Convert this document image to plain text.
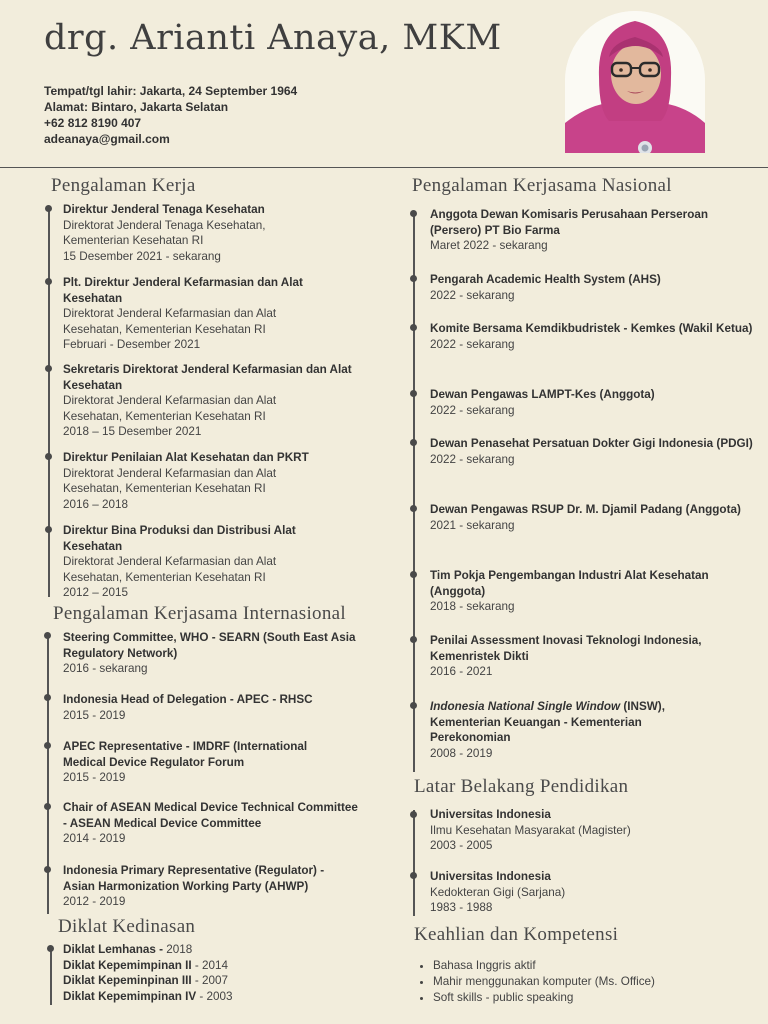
drg. Arianti Anaya, MKM
Tempat/tgl lahir: Jakarta, 24 September 1964
Alamat: Bintaro, Jakarta Selatan
+62 812 8190 407
adeanaya@gmail.com
Pengalaman Kerja
Direktur Jenderal Tenaga Kesehatan
Direktorat Jenderal Tenaga Kesehatan,
Kementerian Kesehatan RI
15 Desember 2021 - sekarang
Plt. Direktur Jenderal Kefarmasian dan Alat Kesehatan
Direktorat Jenderal Kefarmasian dan Alat
Kesehatan, Kementerian Kesehatan RI
Februari - Desember 2021
Sekretaris Direktorat Jenderal Kefarmasian dan Alat Kesehatan
Direktorat Jenderal Kefarmasian dan Alat
Kesehatan, Kementerian Kesehatan RI
2018 – 15 Desember 2021
Direktur Penilaian Alat Kesehatan dan PKRT
Direktorat Jenderal Kefarmasian dan Alat
Kesehatan, Kementerian Kesehatan RI
2016 – 2018
Direktur Bina Produksi dan Distribusi Alat Kesehatan
Direktorat Jenderal Kefarmasian dan Alat
Kesehatan, Kementerian Kesehatan RI
2012 – 2015
Pengalaman Kerjasama Internasional
Steering Committee, WHO - SEARN (South East Asia Regulatory Network)
2016 - sekarang
Indonesia Head of Delegation - APEC - RHSC
2015 - 2019
APEC Representative - IMDRF (International Medical Device Regulator Forum
2015 - 2019
Chair of ASEAN Medical Device Technical Committee - ASEAN Medical Device Committee
2014 - 2019
Indonesia Primary Representative (Regulator) - Asian Harmonization Working Party (AHWP)
2012 - 2019
Diklat Kedinasan
Diklat Lemhanas - 2018
Diklat Kepemimpinan II - 2014
Diklat Kepeminpinan III - 2007
Diklat Kepemimpinan IV - 2003
Pengalaman Kerjasama Nasional
Anggota Dewan Komisaris Perusahaan Perseroan (Persero) PT Bio Farma
Maret 2022 - sekarang
Pengarah Academic Health System (AHS)
2022 - sekarang
Komite Bersama Kemdikbudristek - Kemkes (Wakil Ketua)
2022 - sekarang
Dewan Pengawas LAMPT-Kes (Anggota)
2022 - sekarang
Dewan Penasehat Persatuan Dokter Gigi Indonesia (PDGI)
2022 - sekarang
Dewan Pengawas RSUP Dr. M. Djamil Padang (Anggota)
2021 - sekarang
Tim Pokja Pengembangan Industri Alat Kesehatan (Anggota)
2018 - sekarang
Penilai Assessment Inovasi Teknologi Indonesia, Kemenristek Dikti
2016 - 2021
Indonesia National Single Window (INSW), Kementerian Keuangan - Kementerian Perekonomian
2008 - 2019
Latar Belakang Pendidikan
Universitas Indonesia
Ilmu Kesehatan Masyarakat (Magister)
2003 - 2005
Universitas Indonesia
Kedokteran Gigi (Sarjana)
1983 - 1988
Keahlian dan Kompetensi
• Bahasa Inggris aktif
• Mahir menggunakan komputer (Ms. Office)
• Soft skills - public speaking
